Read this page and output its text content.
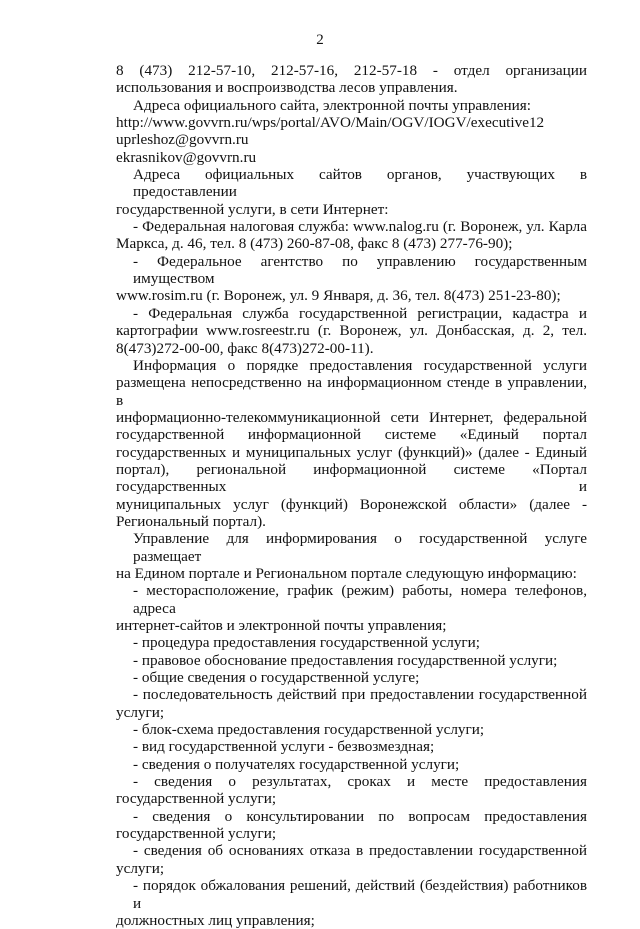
2
8 (473) 212-57-10, 212-57-16, 212-57-18 - отдел организации
использования и воспроизводства лесов управления.
Адреса официального сайта, электронной почты управления:
http://www.govvrn.ru/wps/portal/AVO/Main/OGV/IOGV/executive12
uprleshoz@govvrn.ru
ekrasnikov@govvrn.ru
Адреса официальных сайтов органов, участвующих в предоставлении
государственной услуги, в сети Интернет:
- Федеральная налоговая служба: www.nalog.ru (г. Воронеж, ул. Карла
Маркса, д. 46, тел. 8 (473) 260-87-08, факс 8 (473) 277-76-90);
- Федеральное агентство по управлению государственным имуществом
www.rosim.ru (г. Воронеж, ул. 9 Января, д. 36, тел. 8(473) 251-23-80);
- Федеральная служба государственной регистрации, кадастра и
картографии www.rosreestr.ru (г. Воронеж, ул. Донбасская, д. 2, тел.
8(473)272-00-00, факс 8(473)272-00-11).
Информация о порядке предоставления государственной услуги
размещена непосредственно на информационном стенде в управлении, в
информационно-телекоммуникационной сети Интернет, федеральной
государственной информационной системе «Единый портал
государственных и муниципальных услуг (функций)» (далее - Единый
портал), региональной информационной системе «Портал государственных и
муниципальных услуг (функций) Воронежской области» (далее -
Региональный портал).
Управление для информирования о государственной услуге размещает
на Едином портале и Региональном портале следующую информацию:
- месторасположение, график (режим) работы, номера телефонов, адреса
интернет-сайтов и электронной почты управления;
- процедура предоставления государственной услуги;
- правовое обоснование предоставления государственной услуги;
- общие сведения о государственной услуге;
- последовательность действий при предоставлении государственной
услуги;
- блок-схема предоставления государственной услуги;
- вид государственной услуги - безвозмездная;
- сведения о получателях государственной услуги;
- сведения о результатах, сроках и месте предоставления
государственной услуги;
- сведения о консультировании по вопросам предоставления
государственной услуги;
- сведения об основаниях отказа в предоставлении государственной
услуги;
- порядок обжалования решений, действий (бездействия) работников и
должностных лиц управления;
